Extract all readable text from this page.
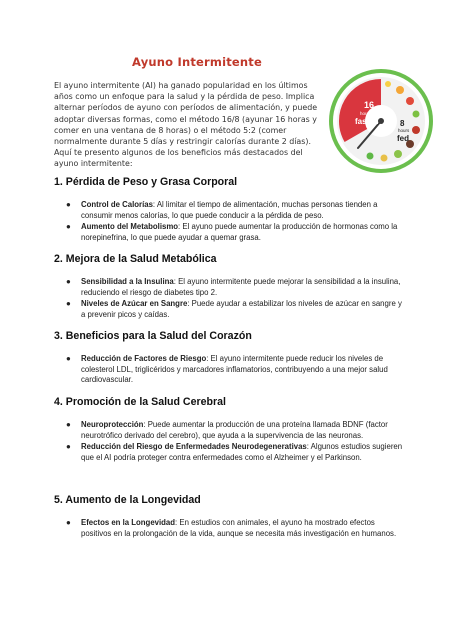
Ayuno Intermitente
El ayuno intermitente (AI) ha ganado popularidad en los últimos años como un enfoque para la salud y la pérdida de peso. Implica alternar períodos de ayuno con períodos de alimentación, y puede adoptar diversas formas, como el método 16/8 (ayunar 16 horas y comer en una ventana de 8 horas) o el método 5:2 (comer normalmente durante 5 días y restringir calorías durante 2 días). Aquí te presento algunos de los beneficios más destacados del ayuno intermitente:
16
hours
fasted	8
hours
fed
1. Pérdida de Peso y Grasa Corporal
● Control de Calorías: Al limitar el tiempo de alimentación, muchas personas tienden a consumir menos calorías, lo que puede conducir a la pérdida de peso.
● Aumento del Metabolismo: El ayuno puede aumentar la producción de hormonas como la norepinefrina, lo que puede ayudar a quemar grasa.
2. Mejora de la Salud Metabólica
● Sensibilidad a la Insulina: El ayuno intermitente puede mejorar la sensibilidad a la insulina, reduciendo el riesgo de diabetes tipo 2.
● Niveles de Azúcar en Sangre: Puede ayudar a estabilizar los niveles de azúcar en sangre y a prevenir picos y caídas.
3. Beneficios para la Salud del Corazón
● Reducción de Factores de Riesgo: El ayuno intermitente puede reducir los niveles de colesterol LDL, triglicéridos y marcadores inflamatorios, contribuyendo a una mejor salud cardiovascular.
4. Promoción de la Salud Cerebral
● Neuroprotección: Puede aumentar la producción de una proteína llamada BDNF (factor neurotrófico derivado del cerebro), que ayuda a la supervivencia de las neuronas.
● Reducción del Riesgo de Enfermedades Neurodegenerativas: Algunos estudios sugieren que el AI podría proteger contra enfermedades como el Alzheimer y el Parkinson.
5. Aumento de la Longevidad
● Efectos en la Longevidad: En estudios con animales, el ayuno ha mostrado efectos positivos en la prolongación de la vida, aunque se necesita más investigación en humanos.
